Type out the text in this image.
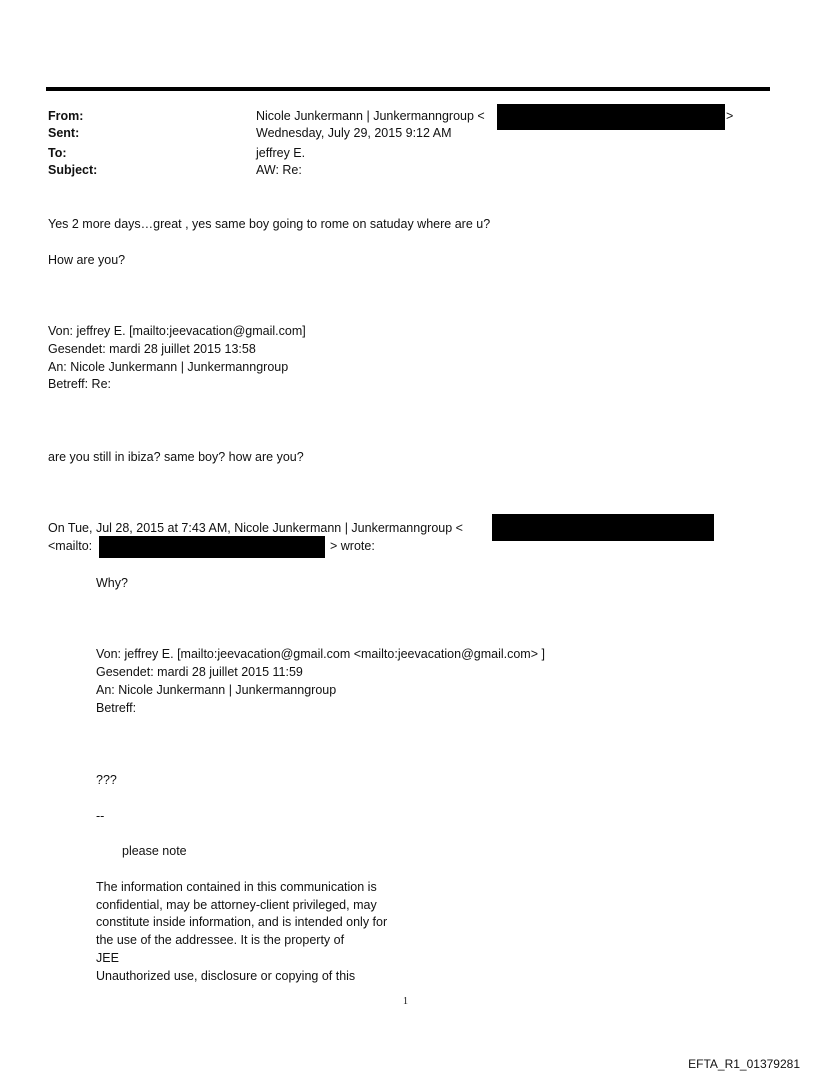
From:	Nicole Junkermann | Junkermanngroup <	>
Sent:	Wednesday, July 29, 2015 9:12 AM
To:	jeffrey E.
Subject:	AW: Re:
Yes 2 more days…great , yes same boy going to rome on satuday where are u?
How are you?
Von: jeffrey E. [mailto:jeevacation@gmail.com]
Gesendet: mardi 28 juillet 2015 13:58
An: Nicole Junkermann | Junkermanngroup
Betreff: Re:
are you still in ibiza? same boy? how are you?
On Tue, Jul 28, 2015 at 7:43 AM, Nicole Junkermann | Junkermanngroup <
<mailto:	> wrote:
Why?
Von: jeffrey E. [mailto:jeevacation@gmail.com <mailto:jeevacation@gmail.com> ]
Gesendet: mardi 28 juillet 2015 11:59
An: Nicole Junkermann | Junkermanngroup
Betreff:
???
--
please note
The information contained in this communication is
confidential, may be attorney-client privileged, may
constitute inside information, and is intended only for
the use of the addressee. It is the property of
JEE
Unauthorized use, disclosure or copying of this
1
EFTA_R1_01379281
